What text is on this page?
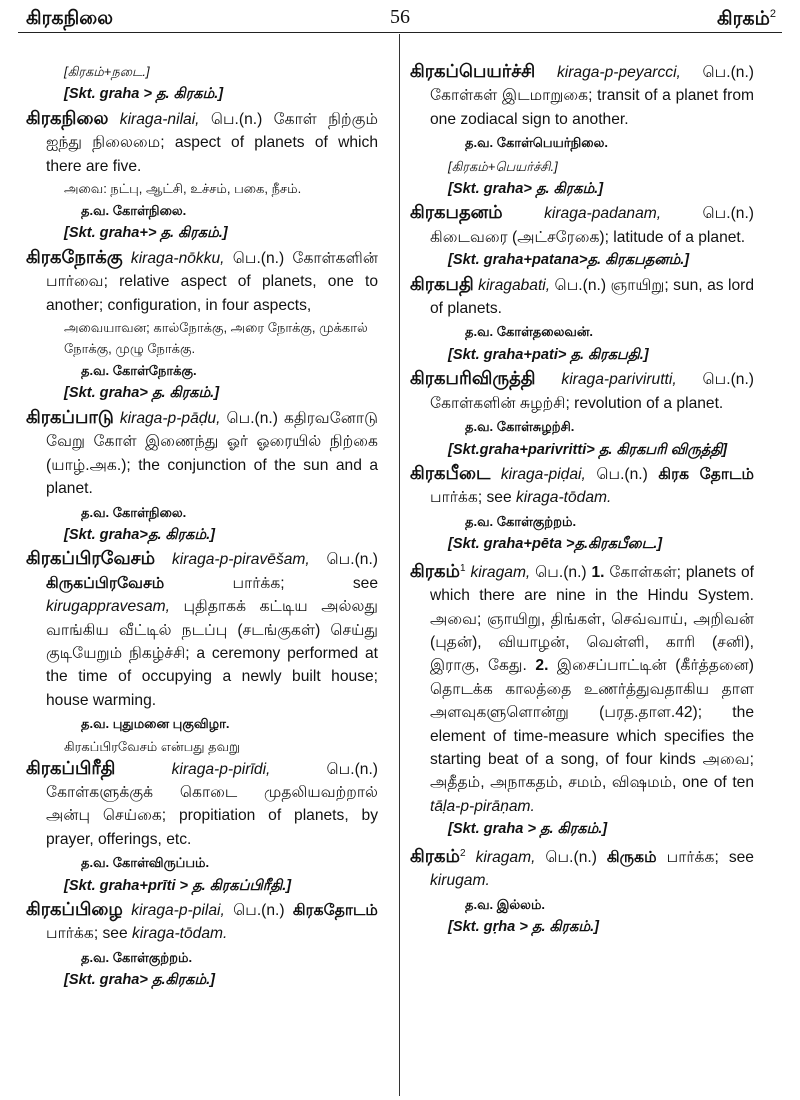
கிரகநிலை	56	கிரகம்$^2$
[கிரகம்+நடை.]
[Skt. graha > த. கிரகம்.]
கிரகநிலை kiraga-nilai, பெ.(n.) கோள் நிற்கும் ஐந்து நிலைமை; aspect of planets of which there are five.
அவை: நட்பு, ஆட்சி, உச்சம், பகை, நீசம்.
த.வ. கோள்நிலை.
[Skt. graha+> த. கிரகம்.]
கிரகநோக்கு kiraga-nōkku, பெ.(n.) கோள்களின் பார்வை; relative aspect of planets, one to another; configuration, in four aspects,
அவையாவன; கால்நோக்கு, அரை நோக்கு, முக்கால் நோக்கு, முழு நோக்கு.
த.வ. கோள்நோக்கு.
[Skt. graha> த. கிரகம்.]
கிரகப்பாடு kiraga-p-pāḍu, பெ.(n.) கதிரவனோடு வேறு கோள் இணைந்து ஓர் ஓரையில் நிற்கை (யாழ்.அக.); the conjunction of the sun and a planet.
த.வ. கோள்நிலை.
[Skt. graha>த. கிரகம்.]
கிரகப்பிரவேசம் kiraga-p-piravēšam, பெ.(n.) கிருகப்பிரவேசம் பார்க்க; see kirugappravesam, புதிதாகக் கட்டிய அல்லது வாங்கிய வீட்டில் நடப்பு (சடங்குகள்) செய்து குடியேறும் நிகழ்ச்சி; a ceremony performed at the time of occupying a newly built house; house warming.
த.வ. புதுமனை புகுவிழா.
கிரகப்பிரவேசம் என்பது தவறு
கிரகப்பிரீதி	kiraga-p-pirīdi, பெ.(n.) கோள்களுக்குக் கொடை முதலியவற்றால் அன்பு செய்கை; propitiation of planets, by prayer, offerings, etc.
த.வ. கோள்விருப்பம்.
[Skt. graha+prīti > த. கிரகப்பிரீதி.]
கிரகப்பிழை kiraga-p-pilai, பெ.(n.) கிரகதோடம் பார்க்க; see kiraga-tōdam.
த.வ. கோள்குற்றம்.
[Skt. graha> த.கிரகம்.]
கிரகப்பெயர்ச்சி kiraga-p-peyarcci, பெ.(n.) கோள்கள் இடமாறுகை; transit of a planet from one zodiacal sign to another.
த.வ. கோள்பெயர்நிலை.
[கிரகம்+பெயர்ச்சி.]
[Skt. graha> த. கிரகம்.]
கிரகபதனம்	kiraga-padanam, பெ.(n.) கிடைவரை (அட்சரேகை); latitude of a planet.
[Skt. graha+patana>த. கிரகபதனம்.]
கிரகபதி kiragabati, பெ.(n.) ஞாயிறு; sun, as lord of planets.
த.வ. கோள்தலைவன்.
[Skt. graha+pati> த. கிரகபதி.]
கிரகபரிவிருத்தி kiraga-parivirutti, பெ.(n.) கோள்களின் சுழற்சி; revolution of a planet.
த.வ. கோள்சுழற்சி.
[Skt.graha+parivritti> த. கிரகபரி விருத்தி]
கிரகபீடை kiraga-piḍai, பெ.(n.) கிரக தோடம் பார்க்க; see kiraga-tōdam.
த.வ. கோள்குற்றம்.
[Skt. graha+pēta >த.கிரகபீடை.]
கிரகம்$^1$ kiragam, பெ.(n.) 1. கோள்கள்; planets of which there are nine in the Hindu System. அவை; ஞாயிறு, திங்கள், செவ்வாய், அறிவன் (புதன்), வியாழன், வெள்ளி, காரி (சனி), இராகு, கேது. 2. இசைப்பாட்டின் (கீர்த்தனை) தொடக்க காலத்தை உணர்த்துவதாகிய தாள அளவுகளுளொன்று (பரத.தாள.42); the element of time-measure which specifies the starting beat of a song, of four kinds அவை; அதீதம், அநாகதம், சமம், விஷமம், one of ten tāḷa-p-pirāṇam.
[Skt. graha > த. கிரகம்.]
கிரகம்$^2$ kiragam, பெ.(n.) கிருகம் பார்க்க; see kirugam.
த.வ. இல்லம்.
[Skt. gṛha > த. கிரகம்.]
